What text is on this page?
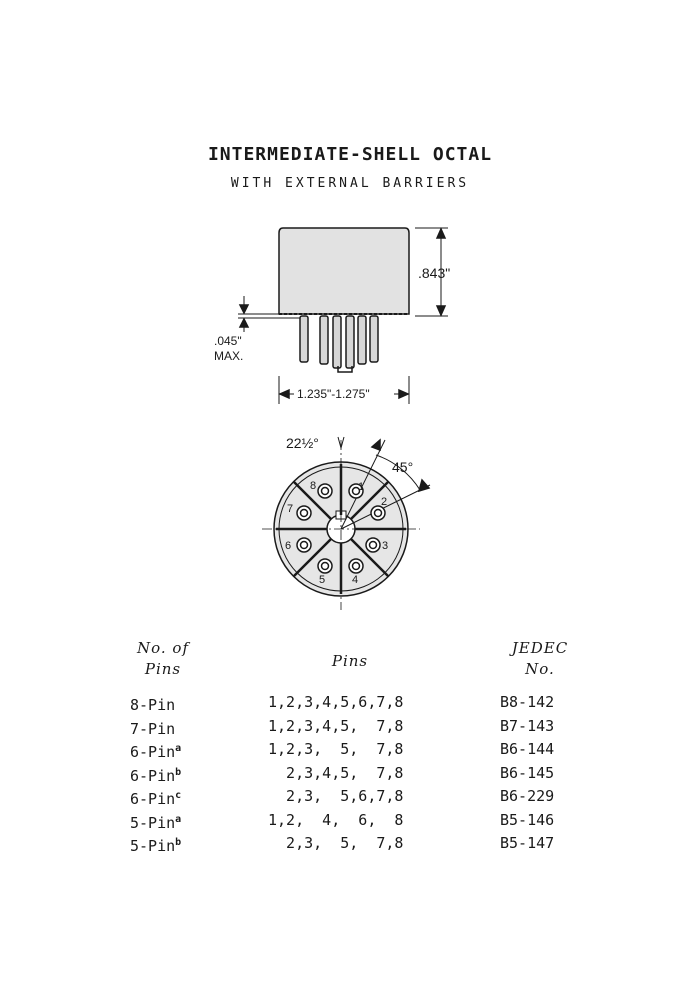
INTERMEDIATE-SHELL OCTAL
WITH EXTERNAL BARRIERS
.843"
.045"
MAX.
1.235"-1.275"
22½°
45°
1
2
3
4
5
6
7
8
No. of
Pins	Pins
JEDEC
No.
8-Pin	1,2,3,4,5,6,7,8	B8-142
7-Pin	1,2,3,4,5,  7,8	B7-143
6-Pin$^a$	1,2,3,  5,  7,8	B6-144
6-Pin$^b$	2,3,4,5,  7,8	B6-145
6-Pin$^c$	2,3,  5,6,7,8	B6-229
5-Pin$^a$	1,2,  4,  6,  8	B5-146
5-Pin$^b$	2,3,  5,  7,8	B5-147
